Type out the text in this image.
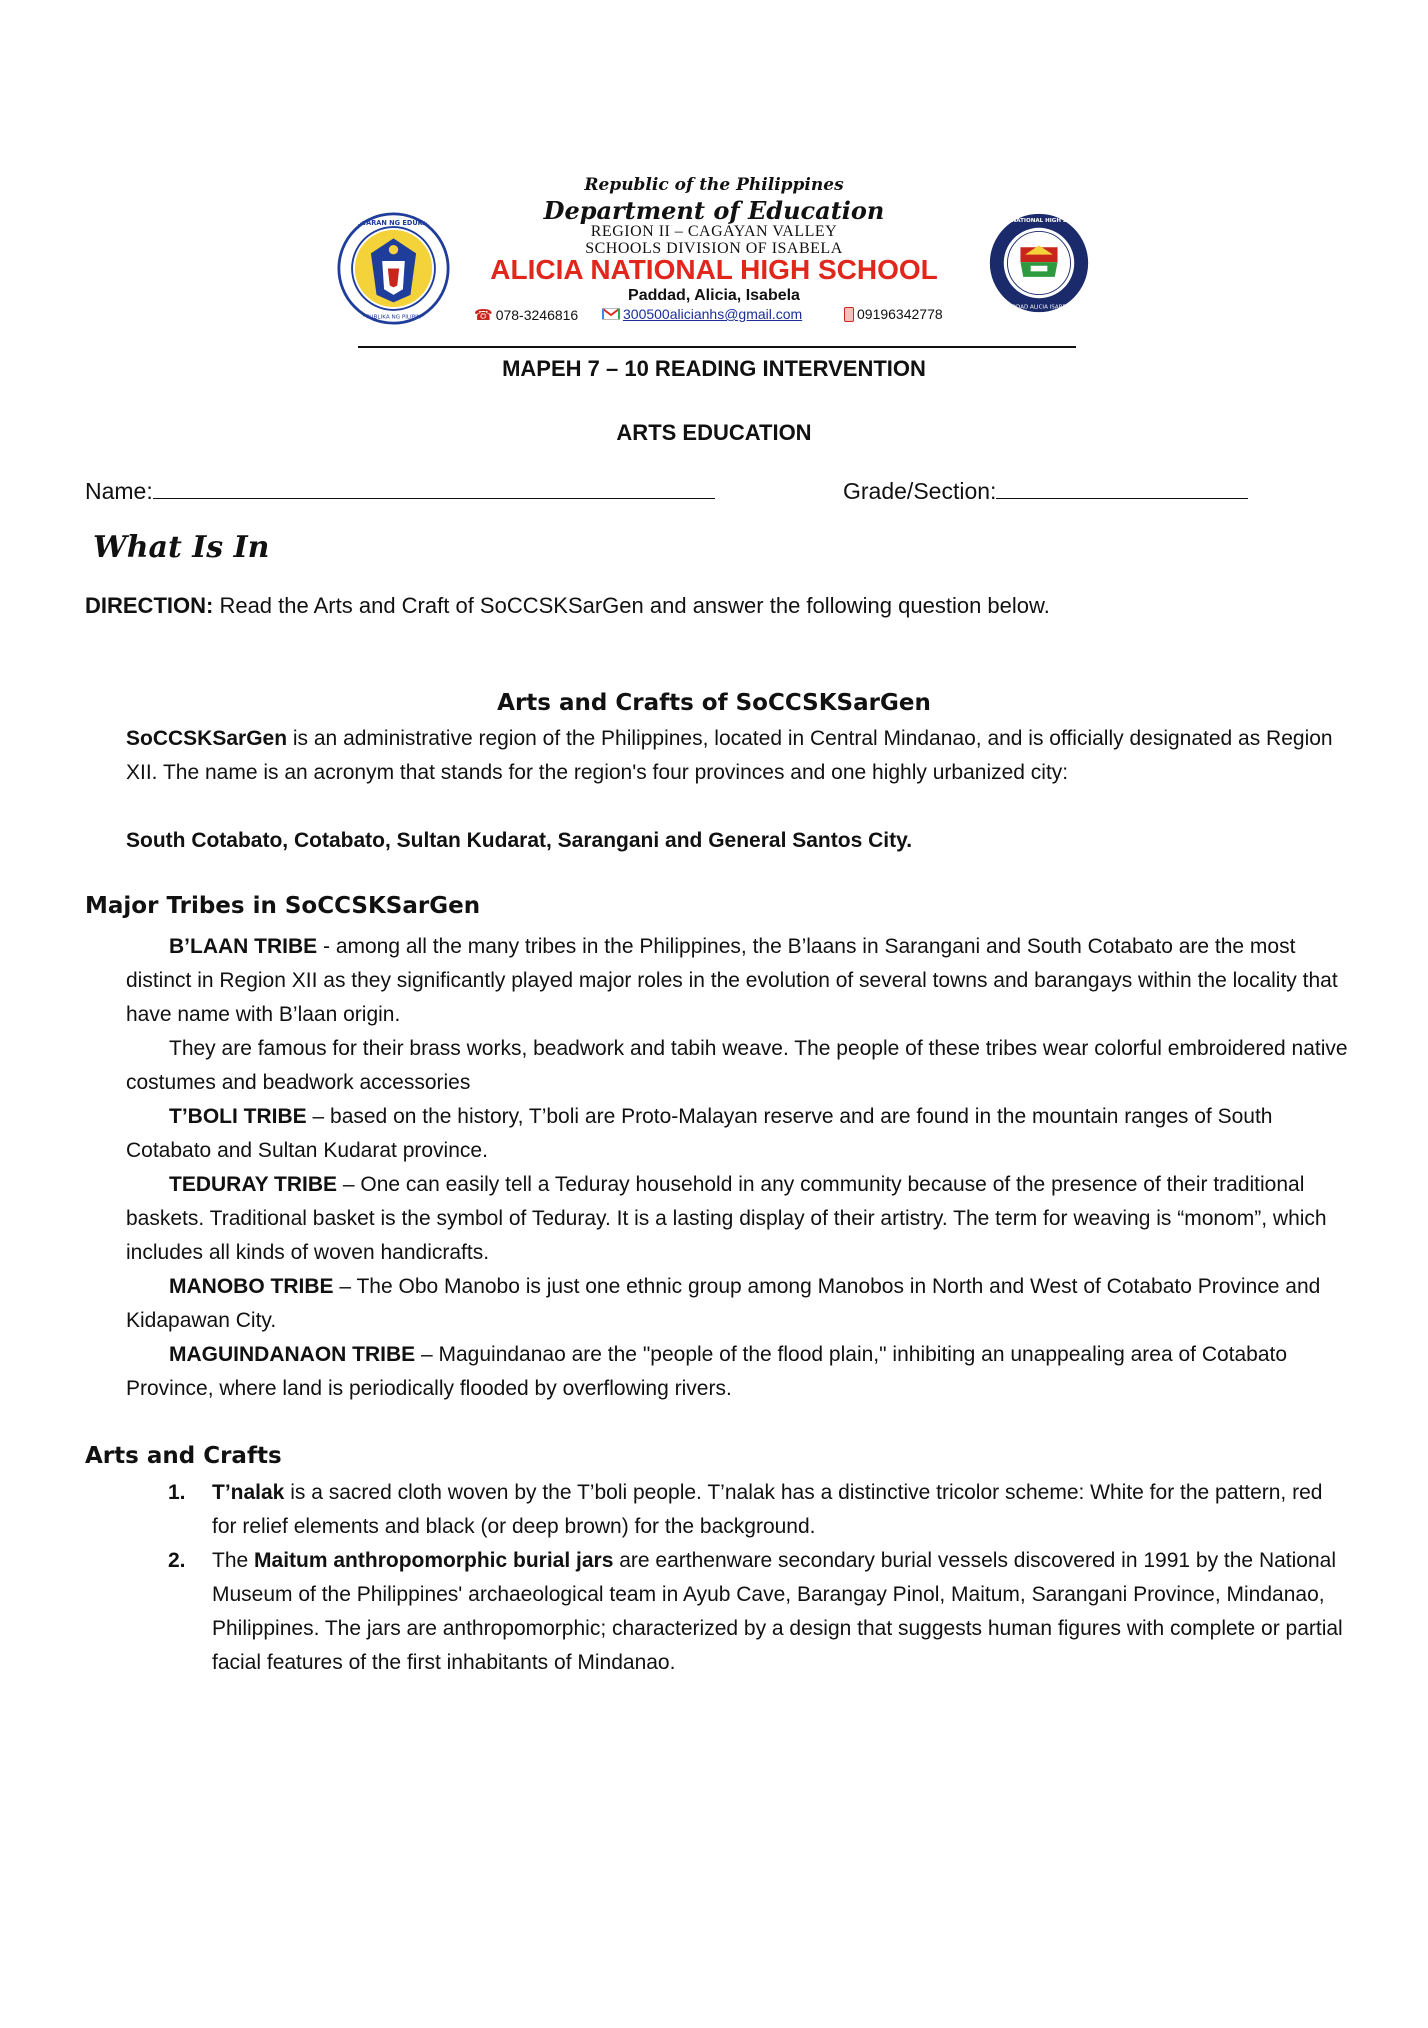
KAGAWARAN NG EDUKASYON
REPUBLIKA NG PILIPINAS
ALICIA NATIONAL HIGH SCHOOL
PADDAD ALICIA ISABELA
Republic of the Philippines
Department of Education
REGION II – CAGAYAN VALLEY
SCHOOLS DIVISION OF ISABELA
ALICIA NATIONAL HIGH SCHOOL
Paddad, Alicia, Isabela
☎ 078-3246816	300500alicianhs@gmail.com	09196342778
MAPEH 7 – 10 READING INTERVENTION
ARTS EDUCATION
Name:	Grade/Section:
What Is In
DIRECTION: Read the Arts and Craft of SoCCSKSarGen and answer the following question below.
Arts and Crafts of SoCCSKSarGen
SoCCSKSarGen is an administrative region of the Philippines, located in Central Mindanao, and is officially designated as Region XII. The name is an acronym that stands for the region's four provinces and one highly urbanized city:
South Cotabato, Cotabato, Sultan Kudarat, Sarangani and General Santos City.
Major Tribes in SoCCSKSarGen

B’LAAN TRIBE - among all the many tribes in the Philippines, the B’laans in Sarangani and South Cotabato are the most distinct in Region XII as they significantly played major roles in the evolution of several towns and barangays within the locality that have name with B’laan origin.

They are famous for their brass works, beadwork and tabih weave. The people of these tribes wear colorful embroidered native costumes and beadwork accessories

T’BOLI TRIBE – based on the history, T’boli are Proto-Malayan reserve and are found in the mountain ranges of South Cotabato and Sultan Kudarat province.

TEDURAY TRIBE – One can easily tell a Teduray household in any community because of the presence of their traditional baskets. Traditional basket is the symbol of Teduray. It is a lasting display of their artistry. The term for weaving is “monom”, which includes all kinds of woven handicrafts.

MANOBO TRIBE – The Obo Manobo is just one ethnic group among Manobos in North and West of Cotabato Province and Kidapawan City.

MAGUINDANAON TRIBE – Maguindanao are the "people of the flood plain," inhibiting an unappealing area of Cotabato Province, where land is periodically flooded by overflowing rivers.

Arts and Crafts
1. T’nalak is a sacred cloth woven by the T’boli people. T’nalak has a distinctive tricolor scheme: White for the pattern, red for relief elements and black (or deep brown) for the background.
2. The Maitum anthropomorphic burial jars are earthenware secondary burial vessels discovered in 1991 by the National Museum of the Philippines' archaeological team in Ayub Cave, Barangay Pinol, Maitum, Sarangani Province, Mindanao, Philippines. The jars are anthropomorphic; characterized by a design that suggests human figures with complete or partial facial features of the first inhabitants of Mindanao.
